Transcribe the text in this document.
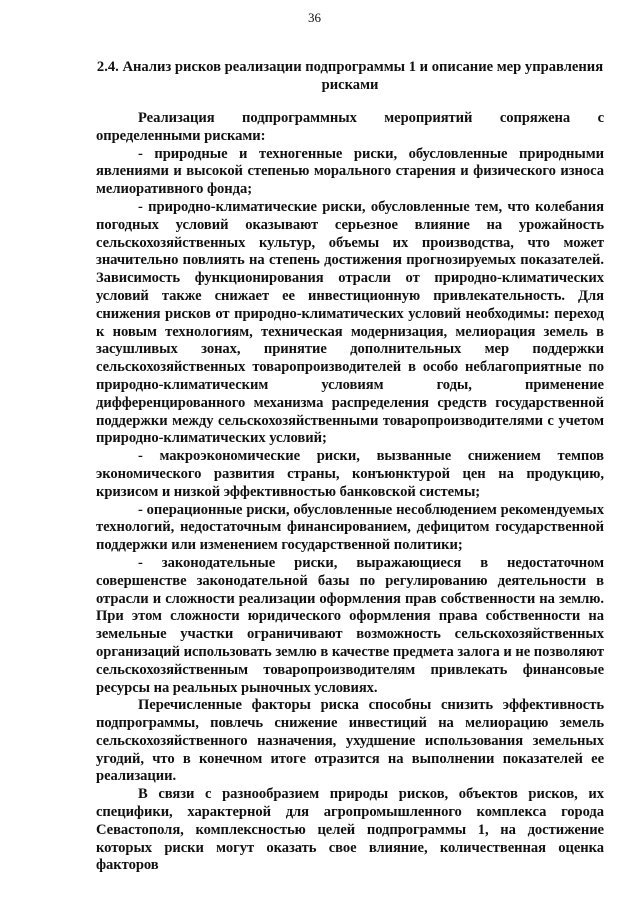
36
2.4. Анализ рисков реализации подпрограммы 1 и описание мер управления рисками

Реализация подпрограммных мероприятий сопряжена с определенными рисками:

- природные и техногенные риски, обусловленные природными явлениями и высокой степенью морального старения и физического износа мелиоративного фонда;

- природно-климатические риски, обусловленные тем, что колебания погодных условий оказывают серьезное влияние на урожайность сельскохозяйственных культур, объемы их производства, что может значительно повлиять на степень достижения прогнозируемых показателей. Зависимость функционирования отрасли от природно-климатических условий также снижает ее инвестиционную привлекательность. Для снижения рисков от природно-климатических условий необходимы: переход к новым технологиям, техническая модернизация, мелиорация земель в засушливых зонах, принятие дополнительных мер поддержки сельскохозяйственных товаропроизводителей в особо неблагоприятные по природно-климатическим условиям годы, применение дифференцированного механизма распределения средств государственной поддержки между сельскохозяйственными товаропроизводителями с учетом природно-климатических условий;

- макроэкономические риски, вызванные снижением темпов экономического развития страны, конъюнктурой цен на продукцию, кризисом и низкой эффективностью банковской системы;

- операционные риски, обусловленные несоблюдением рекомендуемых технологий, недостаточным финансированием, дефицитом государственной поддержки или изменением государственной политики;

- законодательные риски, выражающиеся в недостаточном совершенстве законодательной базы по регулированию деятельности в отрасли и сложности реализации оформления прав собственности на землю. При этом сложности юридического оформления права собственности на земельные участки ограничивают возможность сельскохозяйственных организаций использовать землю в качестве предмета залога и не позволяют сельскохозяйственным товаропроизводителям привлекать финансовые ресурсы на реальных рыночных условиях.

Перечисленные факторы риска способны снизить эффективность подпрограммы, повлечь снижение инвестиций на мелиорацию земель сельскохозяйственного назначения, ухудшение использования земельных угодий, что в конечном итоге отразится на выполнении показателей ее реализации.

В связи с разнообразием природы рисков, объектов рисков, их специфики, характерной для агропромышленного комплекса города Севастополя, комплексностью целей подпрограммы 1, на достижение которых риски могут оказать свое влияние, количественная оценка факторов
